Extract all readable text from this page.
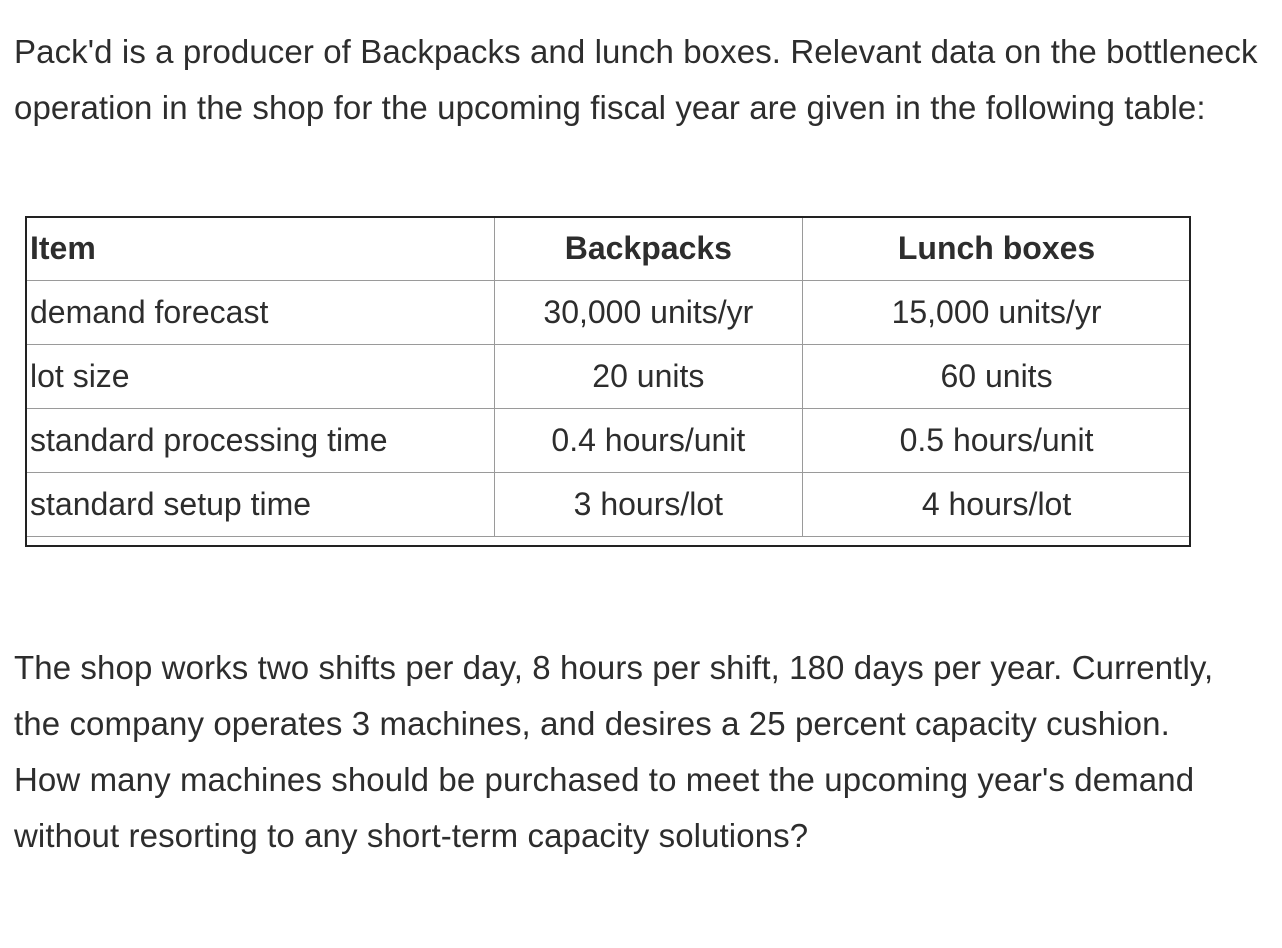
Pack'd is a producer of Backpacks and lunch boxes. Relevant data on the bottleneck operation in the shop for the upcoming fiscal year are given in the following table:

Item	Backpacks	Lunch boxes
demand forecast	30,000 units/yr	15,000 units/yr
lot size	20 units	60 units
standard processing time	0.4 hours/unit	0.5 hours/unit
standard setup time	3 hours/lot	4 hours/lot

The shop works two shifts per day, 8 hours per shift, 180 days per year. Currently, the company operates 3 machines, and desires a 25 percent capacity cushion. How many machines should be purchased to meet the upcoming year's demand without resorting to any short-term capacity solutions?
